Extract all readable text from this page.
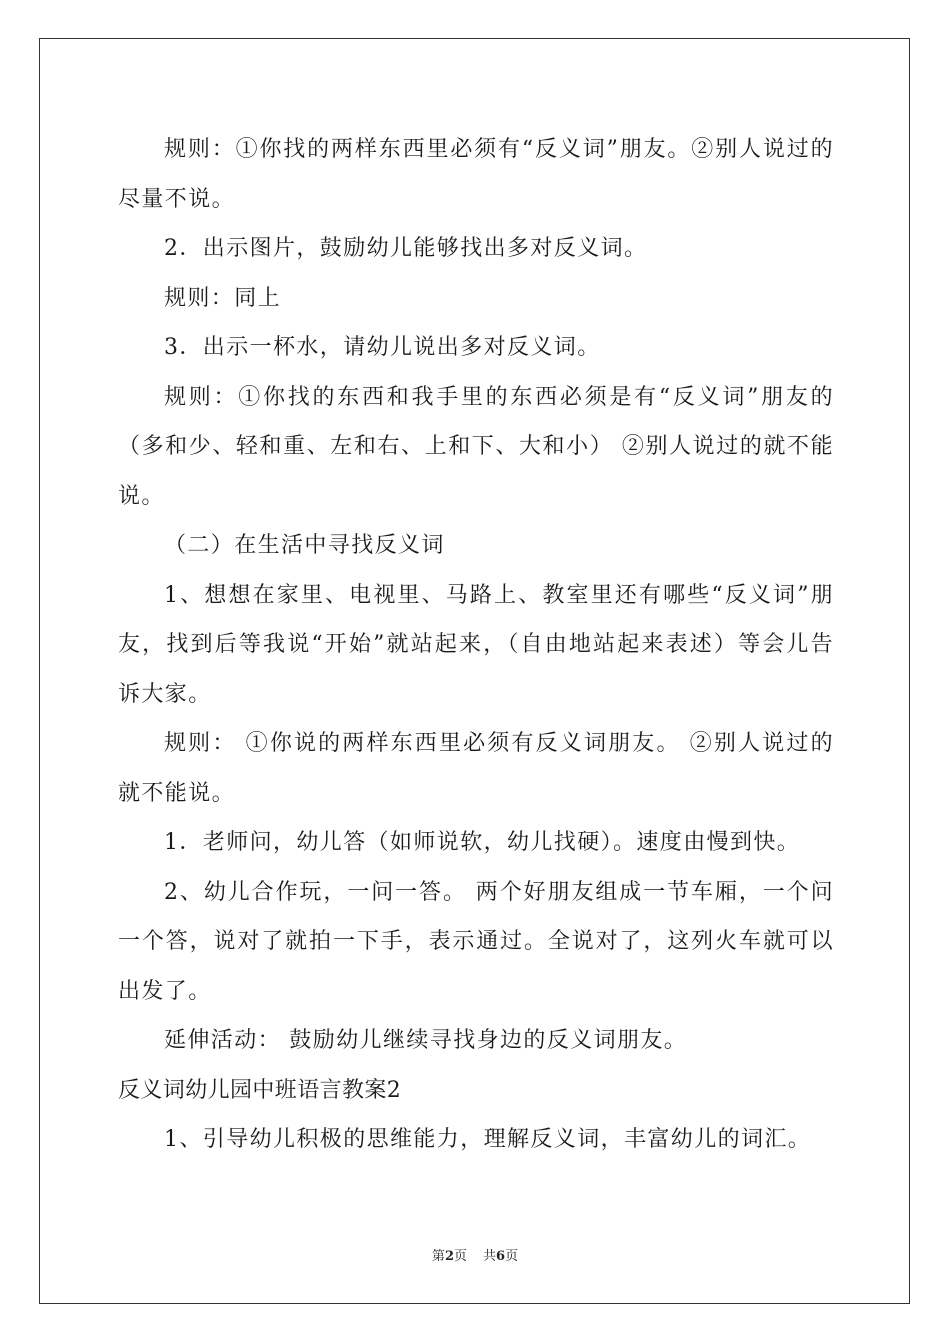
规则：①你找的两样东西里必须有“反义词”朋友。②别人说过的尽量不说。

2．出示图片，鼓励幼儿能够找出多对反义词。

规则：同上

3．出示一杯水，请幼儿说出多对反义词。

规则：①你找的东西和我手里的东西必须是有“反义词”朋友的（多和少、轻和重、左和右、上和下、大和小） ②别人说过的就不能说。

（二）在生活中寻找反义词

1、想想在家里、电视里、马路上、教室里还有哪些“反义词”朋友，找到后等我说“开始”就站起来，（自由地站起来表述）等会儿告诉大家。

规则： ①你说的两样东西里必须有反义词朋友。 ②别人说过的就不能说。

1．老师问，幼儿答（如师说软，幼儿找硬）。速度由慢到快。

2、幼儿合作玩，一问一答。 两个好朋友组成一节车厢，一个问一个答，说对了就拍一下手，表示通过。全说对了，这列火车就可以出发了。

延伸活动： 鼓励幼儿继续寻找身边的反义词朋友。

反义词幼儿园中班语言教案2

1、引导幼儿积极的思维能力，理解反义词，丰富幼儿的词汇。

第2页 共6页
